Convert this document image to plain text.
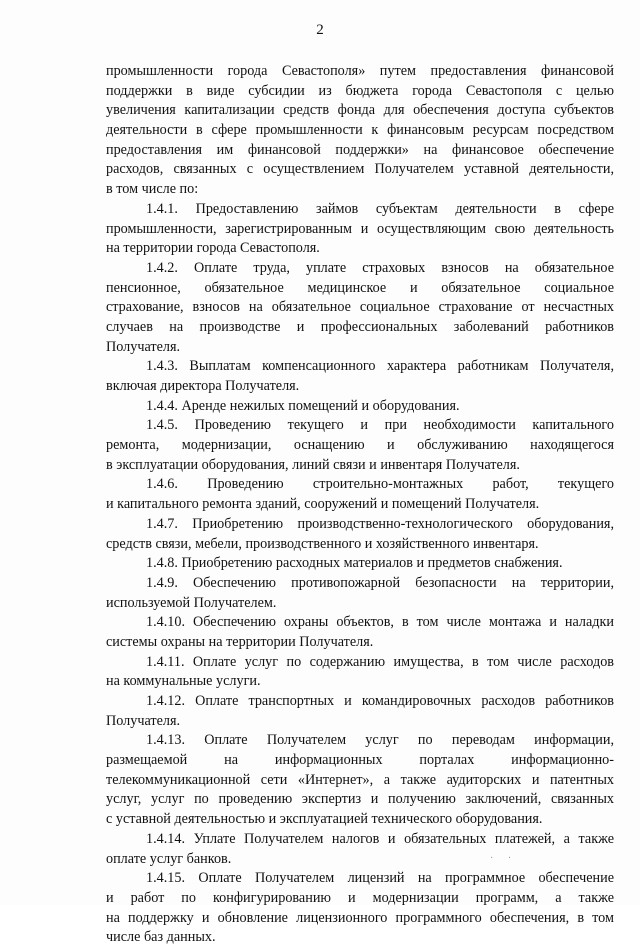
2
промышленности города Севастополя» путем предоставления финансовой
поддержки в виде субсидии из бюджета города Севастополя с целью
увеличения капитализации средств фонда для обеспечения доступа субъектов
деятельности в сфере промышленности к финансовым ресурсам посредством
предоставления им финансовой поддержки» на финансовое обеспечение
расходов, связанных с осуществлением Получателем уставной деятельности,
в том числе по:
1.4.1. Предоставлению займов субъектам деятельности в сфере
промышленности, зарегистрированным и осуществляющим свою деятельность
на территории города Севастополя.
1.4.2. Оплате труда, уплате страховых взносов на обязательное
пенсионное, обязательное медицинское и обязательное социальное
страхование, взносов на обязательное социальное страхование от несчастных
случаев на производстве и профессиональных заболеваний работников
Получателя.
1.4.3. Выплатам компенсационного характера работникам Получателя,
включая директора Получателя.
1.4.4. Аренде нежилых помещений и оборудования.
1.4.5. Проведению текущего и при необходимости капитального
ремонта, модернизации, оснащению и обслуживанию находящегося
в эксплуатации оборудования, линий связи и инвентаря Получателя.
1.4.6. Проведению строительно-монтажных работ, текущего
и капитального ремонта зданий, сооружений и помещений Получателя.
1.4.7. Приобретению производственно-технологического оборудования,
средств связи, мебели, производственного и хозяйственного инвентаря.
1.4.8. Приобретению расходных материалов и предметов снабжения.
1.4.9. Обеспечению противопожарной безопасности на территории,
используемой Получателем.
1.4.10. Обеспечению охраны объектов, в том числе монтажа и наладки
системы охраны на территории Получателя.
1.4.11. Оплате услуг по содержанию имущества, в том числе расходов
на коммунальные услуги.
1.4.12. Оплате транспортных и командировочных расходов работников
Получателя.
1.4.13. Оплате Получателем услуг по переводам информации,
размещаемой на информационных порталах информационно-
телекоммуникационной сети «Интернет», а также аудиторских и патентных
услуг, услуг по проведению экспертиз и получению заключений, связанных
с уставной деятельностью и эксплуатацией технического оборудования.
1.4.14. Уплате Получателем налогов и обязательных платежей, а также
оплате услуг банков.
1.4.15. Оплате Получателем лицензий на программное обеспечение
и работ по конфигурированию и модернизации программ, а также
на поддержку и обновление лицензионного программного обеспечения, в том
числе баз данных.
· ·
